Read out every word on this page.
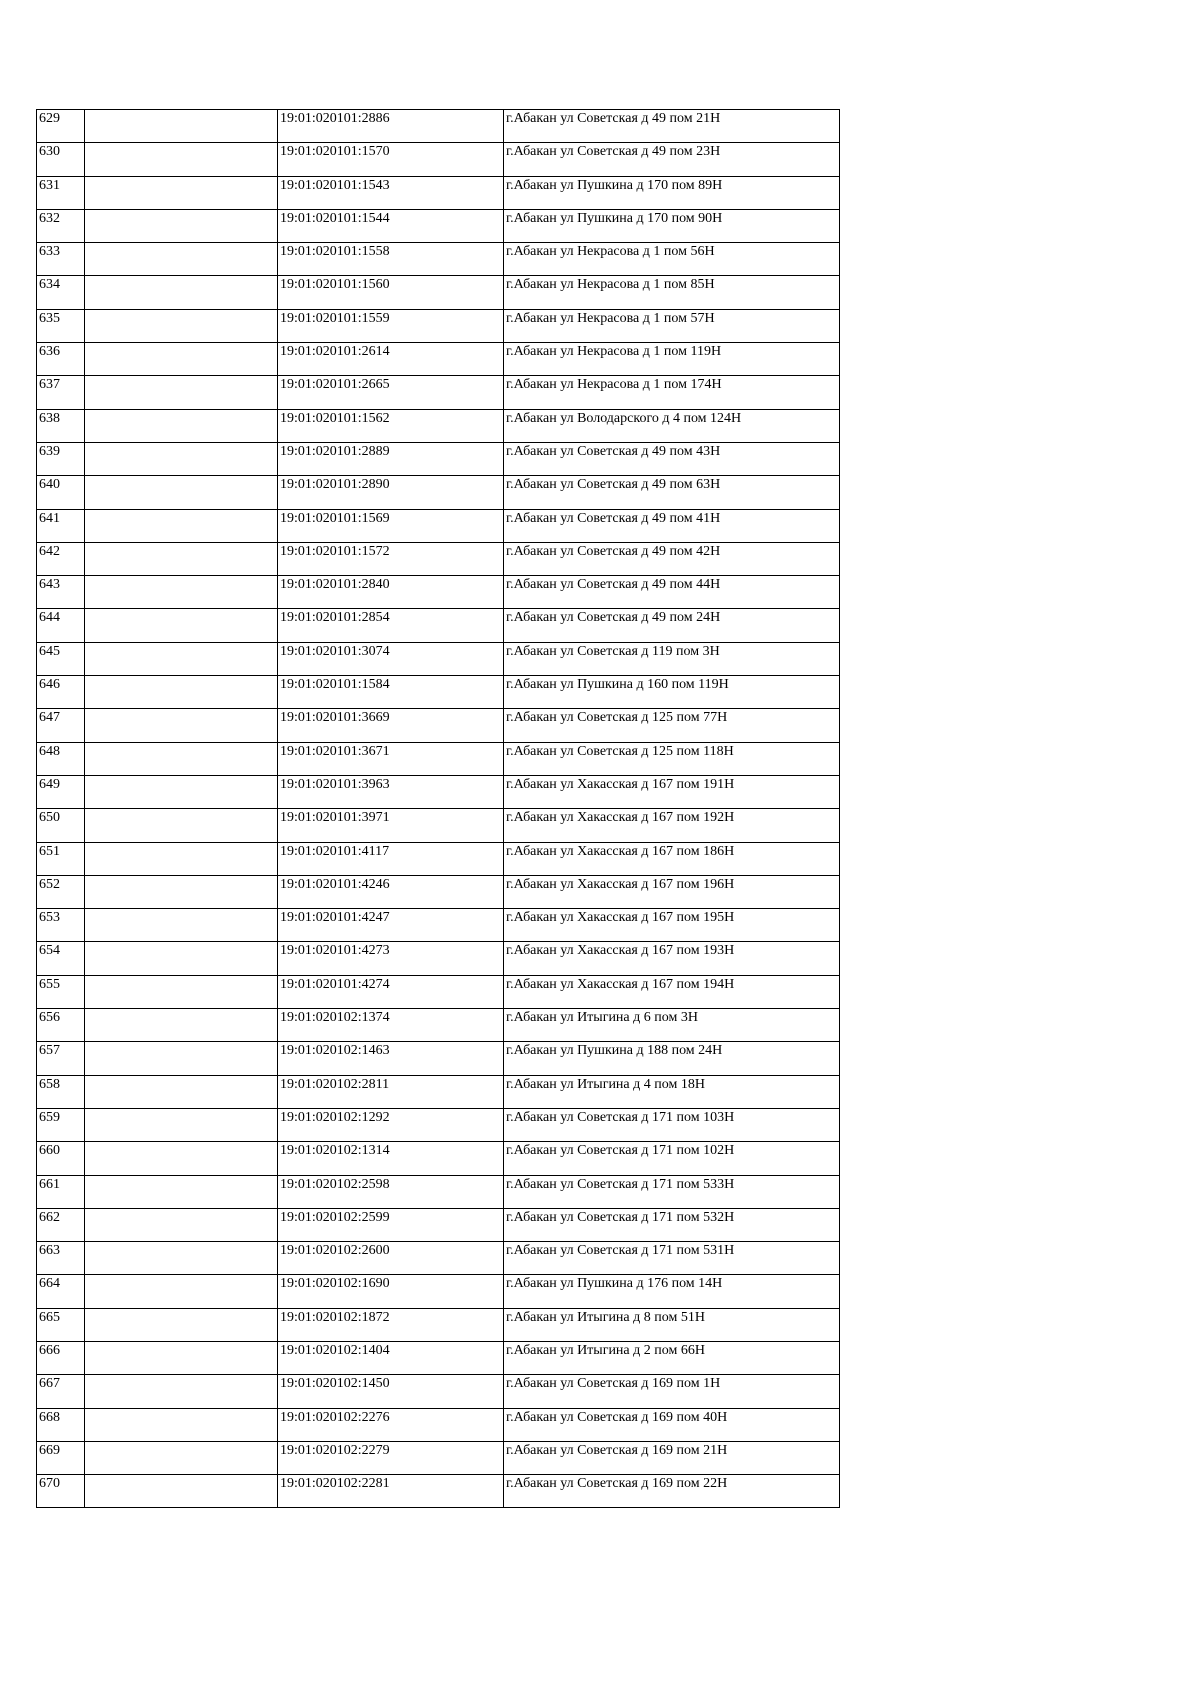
629		19:01:020101:2886	г.Абакан ул Советская д 49 пом 21Н

630		19:01:020101:1570	г.Абакан ул Советская д 49 пом 23Н

631		19:01:020101:1543	г.Абакан ул Пушкина д 170 пом 89Н

632		19:01:020101:1544	г.Абакан ул Пушкина д 170 пом 90Н

633		19:01:020101:1558	г.Абакан ул Некрасова д 1 пом 56Н

634		19:01:020101:1560	г.Абакан ул Некрасова д 1 пом 85Н

635		19:01:020101:1559	г.Абакан ул Некрасова д 1 пом 57Н

636		19:01:020101:2614	г.Абакан ул Некрасова д 1 пом 119Н

637		19:01:020101:2665	г.Абакан ул Некрасова д 1 пом 174Н

638		19:01:020101:1562	г.Абакан ул Володарского д 4 пом 124Н

639		19:01:020101:2889	г.Абакан ул Советская д 49 пом 43Н

640		19:01:020101:2890	г.Абакан ул Советская д 49 пом 63Н

641		19:01:020101:1569	г.Абакан ул Советская д 49 пом 41Н

642		19:01:020101:1572	г.Абакан ул Советская д 49 пом 42Н

643		19:01:020101:2840	г.Абакан ул Советская д 49 пом 44Н

644		19:01:020101:2854	г.Абакан ул Советская д 49 пом 24Н

645		19:01:020101:3074	г.Абакан ул Советская д 119 пом 3Н

646		19:01:020101:1584	г.Абакан ул Пушкина д 160 пом 119Н

647		19:01:020101:3669	г.Абакан ул Советская д 125 пом 77Н

648		19:01:020101:3671	г.Абакан ул Советская д 125 пом 118Н

649		19:01:020101:3963	г.Абакан ул Хакасская д 167 пом 191Н

650		19:01:020101:3971	г.Абакан ул Хакасская д 167 пом 192Н

651		19:01:020101:4117	г.Абакан ул Хакасская д 167 пом 186Н

652		19:01:020101:4246	г.Абакан ул Хакасская д 167 пом 196Н

653		19:01:020101:4247	г.Абакан ул Хакасская д 167 пом 195Н

654		19:01:020101:4273	г.Абакан ул Хакасская д 167 пом 193Н

655		19:01:020101:4274	г.Абакан ул Хакасская д 167 пом 194Н

656		19:01:020102:1374	г.Абакан ул Итыгина д 6 пом 3Н

657		19:01:020102:1463	г.Абакан ул Пушкина д 188 пом 24Н

658		19:01:020102:2811	г.Абакан ул Итыгина д 4 пом 18Н

659		19:01:020102:1292	г.Абакан ул Советская д 171 пом 103Н

660		19:01:020102:1314	г.Абакан ул Советская д 171 пом 102Н

661		19:01:020102:2598	г.Абакан ул Советская д 171 пом 533Н

662		19:01:020102:2599	г.Абакан ул Советская д 171 пом 532Н

663		19:01:020102:2600	г.Абакан ул Советская д 171 пом 531Н

664		19:01:020102:1690	г.Абакан ул Пушкина д 176 пом 14Н

665		19:01:020102:1872	г.Абакан ул Итыгина д 8 пом 51Н

666		19:01:020102:1404	г.Абакан ул Итыгина д 2 пом 66Н

667		19:01:020102:1450	г.Абакан ул Советская д 169 пом 1Н

668		19:01:020102:2276	г.Абакан ул Советская д 169 пом 40Н

669		19:01:020102:2279	г.Абакан ул Советская д 169 пом 21Н

670		19:01:020102:2281	г.Абакан ул Советская д 169 пом 22Н
